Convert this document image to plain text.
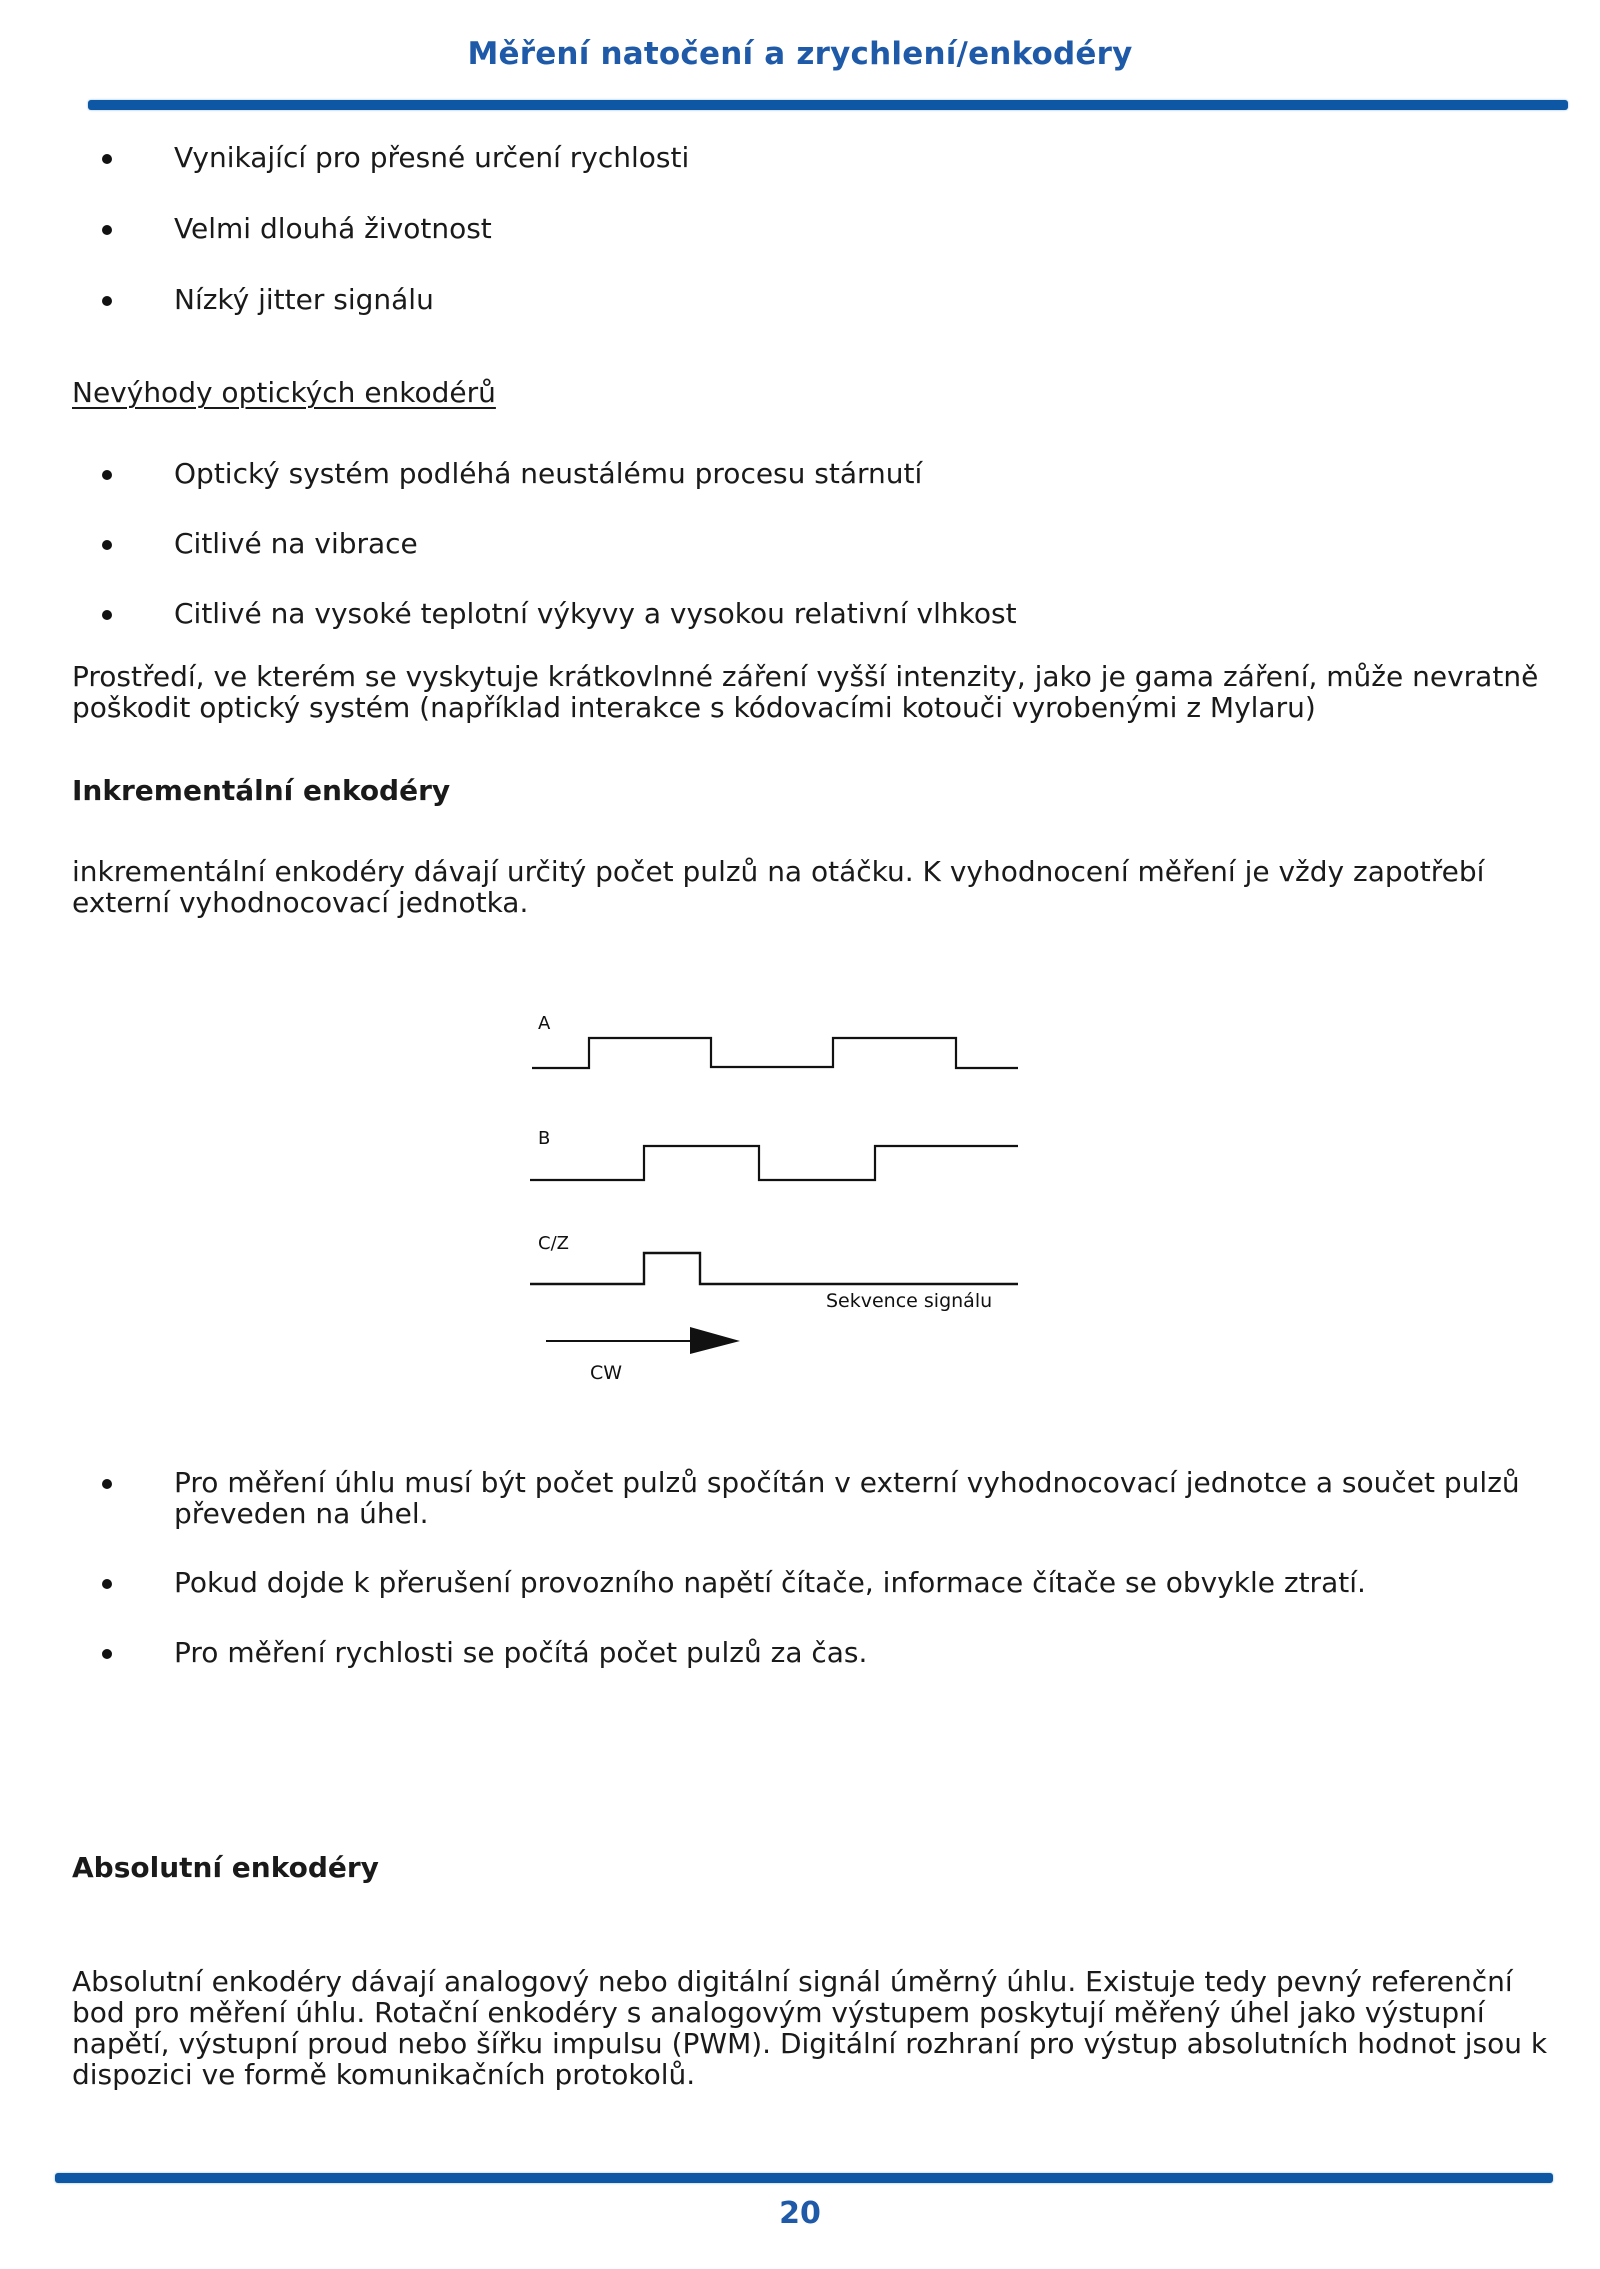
Měření natočení a zrychlení/enkodéry
Vynikající pro přesné určení rychlosti
Velmi dlouhá životnost
Nízký jitter signálu
Nevýhody optických enkodérů
Optický systém podléhá neustálému procesu stárnutí
Citlivé na vibrace
Citlivé na vysoké teplotní výkyvy a vysokou relativní vlhkost
Prostředí, ve kterém se vyskytuje krátkovlnné záření vyšší intenzity, jako je gama záření, může nevratně poškodit optický systém (například interakce s kódovacími kotouči vyrobenými z Mylaru)
Inkrementální enkodéry
inkrementální enkodéry dávají určitý počet pulzů na otáčku. K vyhodnocení měření je vždy zapotřebí externí vyhodnocovací jednotka.
A
B
C/Z
Sekvence signálu
CW
Pro měření úhlu musí být počet pulzů spočítán v externí vyhodnocovací jednotce a součet pulzů převeden na úhel.
Pokud dojde k přerušení provozního napětí čítače, informace čítače se obvykle ztratí.
Pro měření rychlosti se počítá počet pulzů za čas.
Absolutní enkodéry
Absolutní enkodéry dávají analogový nebo digitální signál úměrný úhlu. Existuje tedy pevný referenční bod pro měření úhlu. Rotační enkodéry s analogovým výstupem poskytují měřený úhel jako výstupní napětí, výstupní proud nebo šířku impulsu (PWM). Digitální rozhraní pro výstup absolutních hodnot jsou k dispozici ve formě komunikačních protokolů.
20
